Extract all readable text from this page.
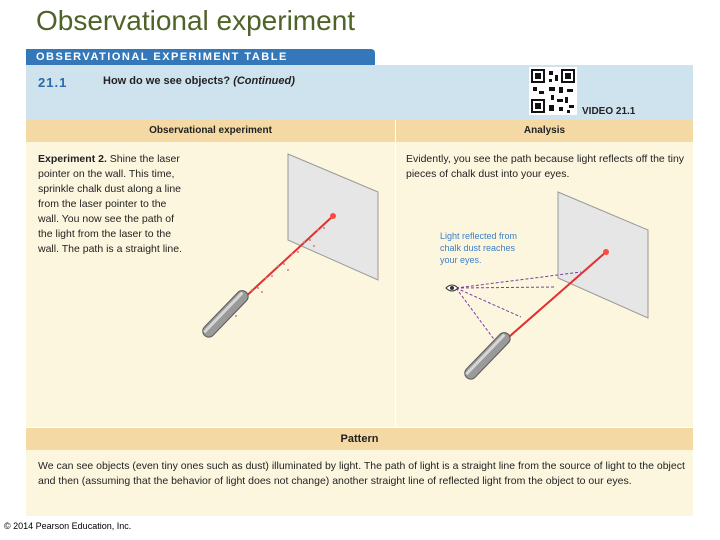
Observational experiment
OBSERVATIONAL EXPERIMENT TABLE
21.1	How do we see objects? (Continued)
VIDEO 21.1
Observational experiment	Analysis
Experiment 2. Shine the laser pointer on the wall. This time, sprinkle chalk dust along a line from the laser pointer to the wall. You now see the path of the light from the laser to the wall. The path is a straight line.
Evidently, you see the path because light reflects off the tiny pieces of chalk dust into your eyes.
Light reflected from chalk dust reaches your eyes.
Pattern
We can see objects (even tiny ones such as dust) illuminated by light. The path of light is a straight line from the source of light to the object and then (assuming that the behavior of light does not change) another straight line of reflected light from the object to our eyes.
© 2014 Pearson Education, Inc.
